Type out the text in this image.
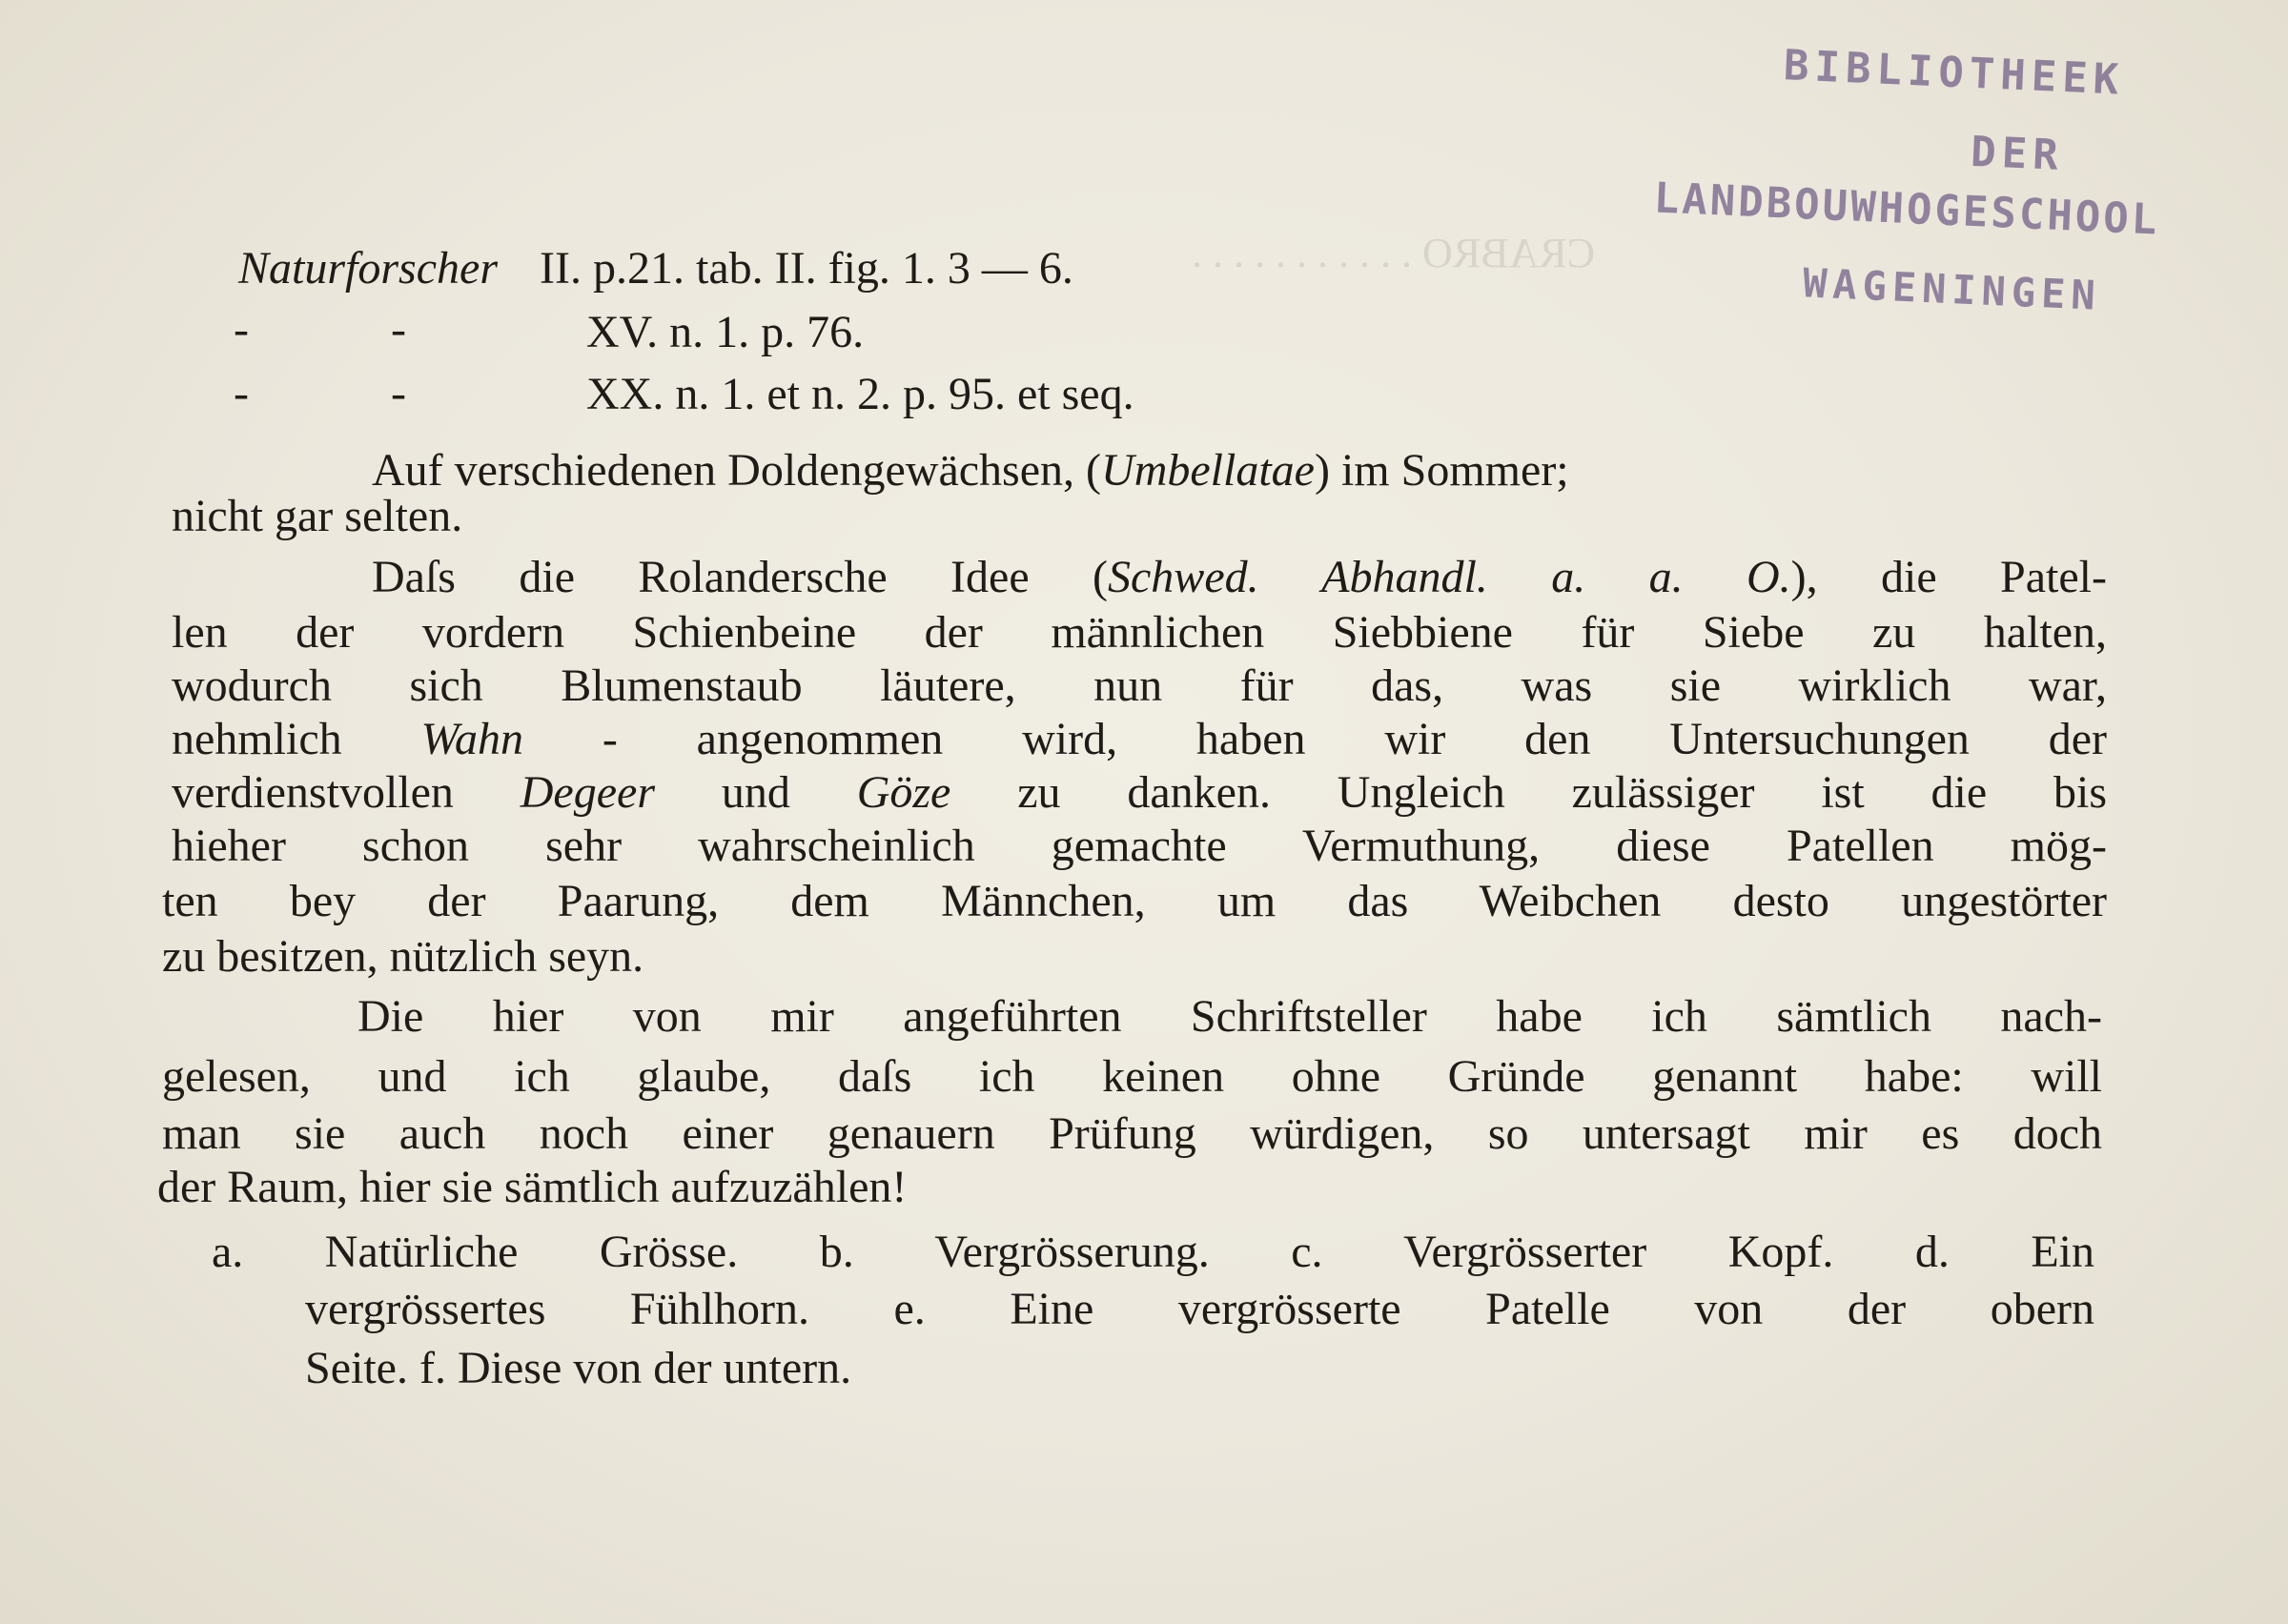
CRABRO . . . . . . . . . . .
BIBLIOTHEEK
DER
LANDBOUWHOGESCHOOL
WAGENINGEN
Naturforscher II. p.21. tab. II. fig. 1. 3 — 6.
-	-	XV. n. 1. p. 76.
-	-	XX. n. 1. et n. 2. p. 95. et seq.
Auf verschiedenen Doldengewächsen, (Umbellatae) im Sommer;
nicht gar selten.
Daſs die Rolandersche Idee (Schwed. Abhandl. a. a. O.), die Patel-
len der vordern Schienbeine der männlichen Siebbiene für Siebe zu halten,
wodurch sich Blumenstaub läutere, nun für das, was sie wirklich war,
nehmlich Wahn - angenommen wird, haben wir den Untersuchungen der
verdienstvollen Degeer und Göze zu danken. Ungleich zulässiger ist die bis
hieher schon sehr wahrscheinlich gemachte Vermuthung, diese Patellen mög-
ten bey der Paarung, dem Männchen, um das Weibchen desto ungestörter
zu besitzen, nützlich seyn.
Die hier von mir angeführten Schriftsteller habe ich sämtlich nach-
gelesen, und ich glaube, daſs ich keinen ohne Gründe genannt habe: will
man sie auch noch einer genauern Prüfung würdigen, so untersagt mir es doch
der Raum, hier sie sämtlich aufzuzählen!
a. Natürliche Grösse. b. Vergrösserung. c. Vergrösserter Kopf. d. Ein
vergrössertes Fühlhorn. e. Eine vergrösserte Patelle von der obern
Seite. f. Diese von der untern.
